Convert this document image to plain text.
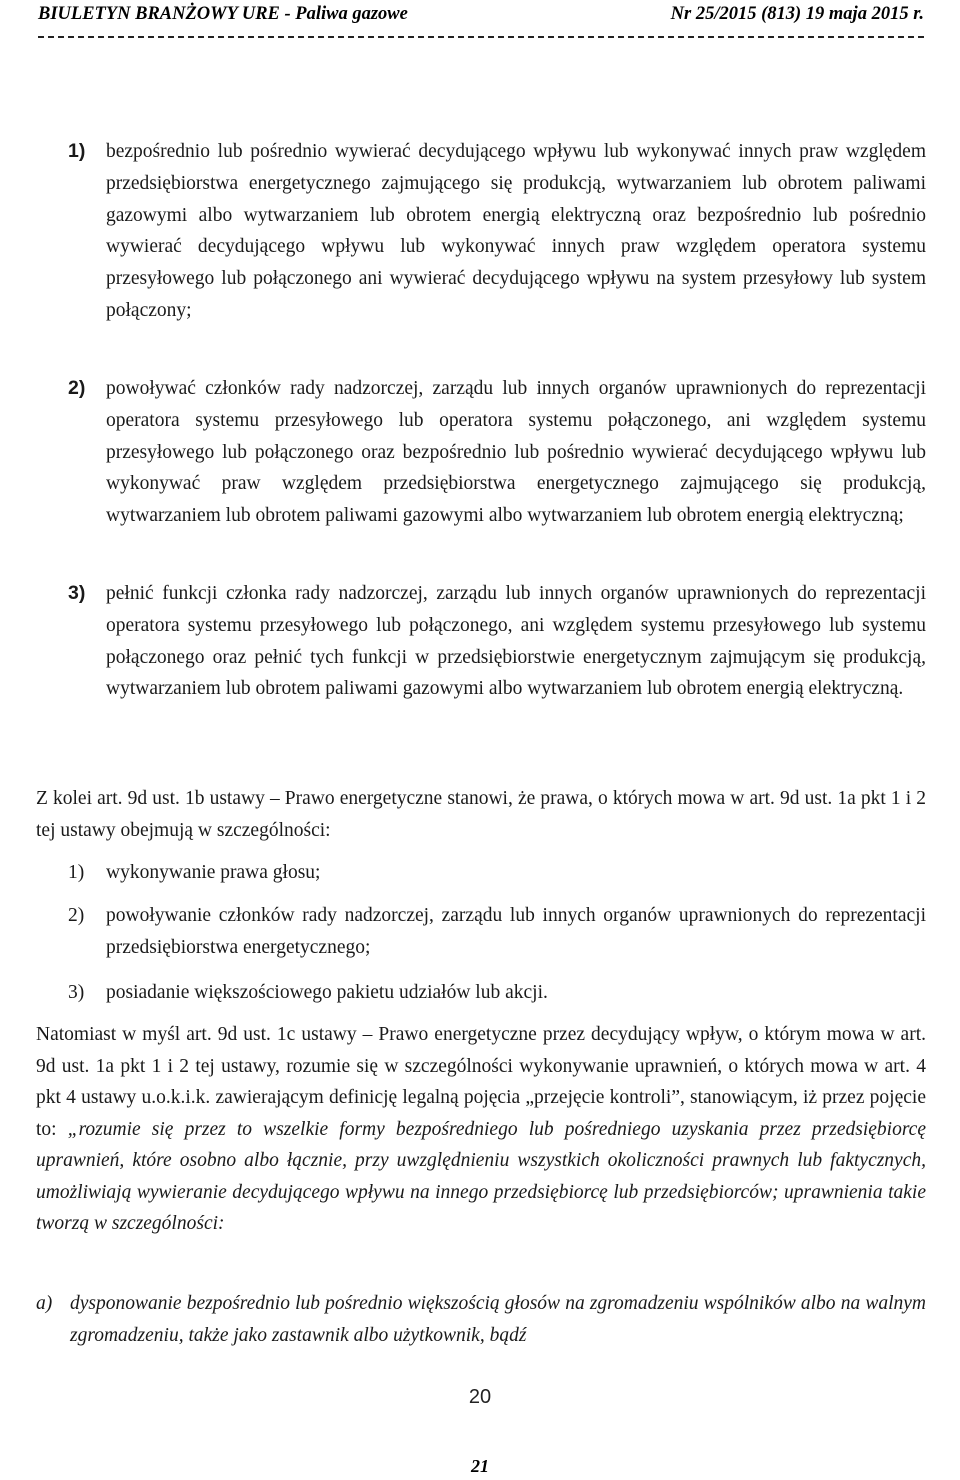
BIULETYN BRANŻOWY URE - Paliwa gazowe	Nr 25/2015 (813) 19 maja 2015 r.
1)	bezpośrednio lub pośrednio wywierać decydującego wpływu lub wykonywać innych praw względem przedsiębiorstwa energetycznego zajmującego się produkcją, wytwarzaniem lub obrotem paliwami gazowymi albo wytwarzaniem lub obrotem energią elektryczną oraz bezpośrednio lub pośrednio wywierać decydującego wpływu lub wykonywać innych praw względem operatora systemu przesyłowego lub połączonego ani wywierać decydującego wpływu na system przesyłowy lub system połączony;
2)	powoływać członków rady nadzorczej, zarządu lub innych organów uprawnionych do reprezentacji operatora systemu przesyłowego lub operatora systemu połączonego, ani względem systemu przesyłowego lub połączonego oraz bezpośrednio lub pośrednio wywierać decydującego wpływu lub wykonywać praw względem przedsiębiorstwa energetycznego zajmującego się produkcją, wytwarzaniem lub obrotem paliwami gazowymi albo wytwarzaniem lub obrotem energią elektryczną;
3)	pełnić funkcji członka rady nadzorczej, zarządu lub innych organów uprawnionych do reprezentacji operatora systemu przesyłowego lub połączonego, ani względem systemu przesyłowego lub systemu połączonego oraz pełnić tych funkcji w przedsiębiorstwie energetycznym zajmującym się produkcją, wytwarzaniem lub obrotem paliwami gazowymi albo wytwarzaniem lub obrotem energią elektryczną.
Z kolei art. 9d ust. 1b ustawy ‒ Prawo energetyczne stanowi, że prawa, o których mowa w art. 9d ust. 1a pkt 1 i 2 tej ustawy obejmują w szczególności:
1) wykonywanie prawa głosu;
2) powoływanie członków rady nadzorczej, zarządu lub innych organów uprawnionych do reprezentacji przedsiębiorstwa energetycznego;
3) posiadanie większościowego pakietu udziałów lub akcji.
Natomiast w myśl art. 9d ust. 1c ustawy ‒ Prawo energetyczne przez decydujący wpływ, o którym mowa w art. 9d ust. 1a pkt 1 i 2 tej ustawy, rozumie się w szczególności wykonywanie uprawnień, o których mowa w art. 4 pkt 4 ustawy u.o.k.i.k. zawierającym definicję legalną pojęcia „przejęcie kontroli”, stanowiącym, iż przez pojęcie to: „rozumie się przez to wszelkie formy bezpośredniego lub pośredniego uzyskania przez przedsiębiorcę uprawnień, które osobno albo łącznie, przy uwzględnieniu wszystkich okoliczności prawnych lub faktycznych, umożliwiają wywieranie decydującego wpływu na innego przedsiębiorcę lub przedsiębiorców; uprawnienia takie tworzą w szczególności:
a) dysponowanie bezpośrednio lub pośrednio większością głosów na zgromadzeniu wspólników albo na walnym zgromadzeniu, także jako zastawnik albo użytkownik, bądź
20
21
